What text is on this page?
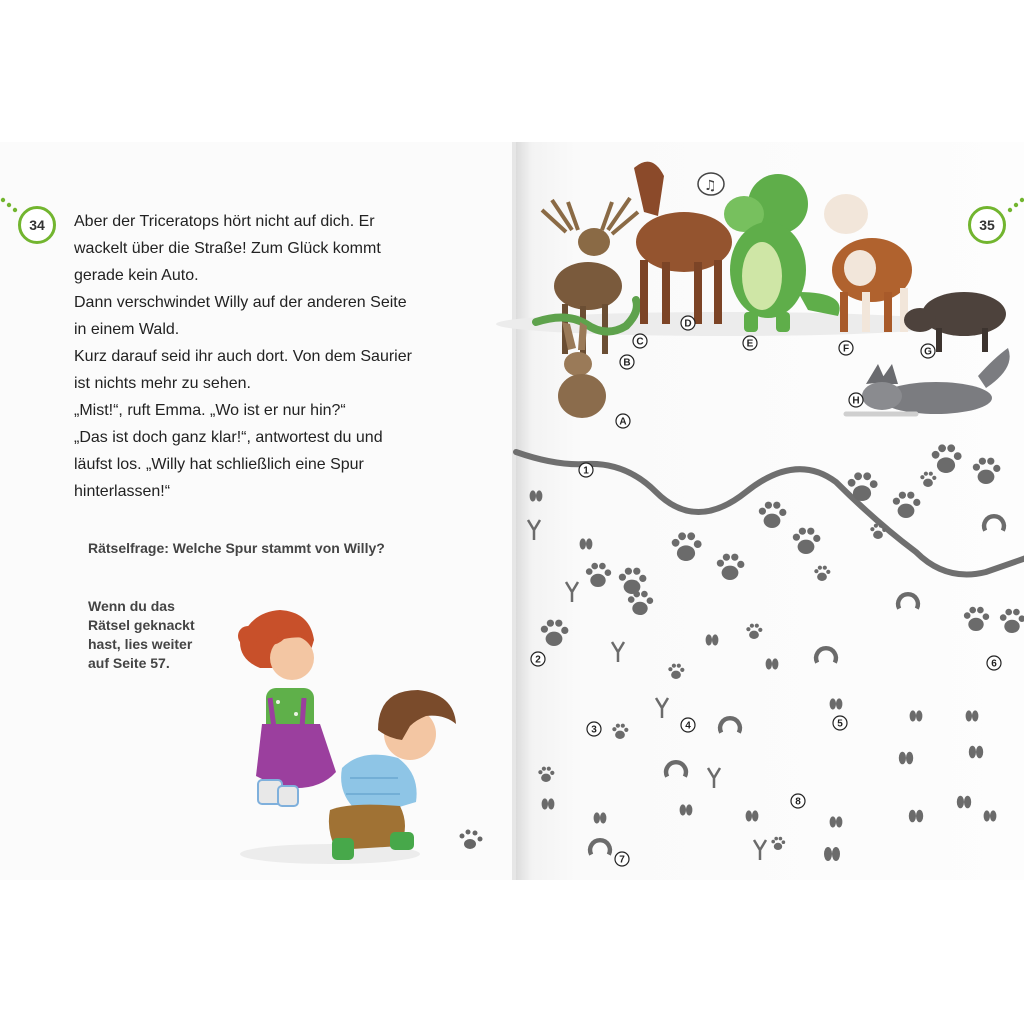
34	Aber der Triceratops hört nicht auf dich. Er

wackelt über die Straße! Zum Glück kommt

gerade kein Auto.

Dann verschwindet Willy auf der anderen Seite

in einem Wald.

Kurz darauf seid ihr auch dort. Von dem Saurier

ist nichts mehr zu sehen.

„Mist!“, ruft Emma. „Wo ist er nur hin?“

„Das ist doch ganz klar!“, antwortest du und

läufst los. „Willy hat schließlich eine Spur

hinterlassen!“

Rätselfrage: Welche Spur stammt von Willy?

Wenn du das
Rätsel geknackt
hast, lies weiter
auf Seite 57.
35
♫
A
B
C
D
E	F	G
H
1
2
3	4	5
6
7
8
